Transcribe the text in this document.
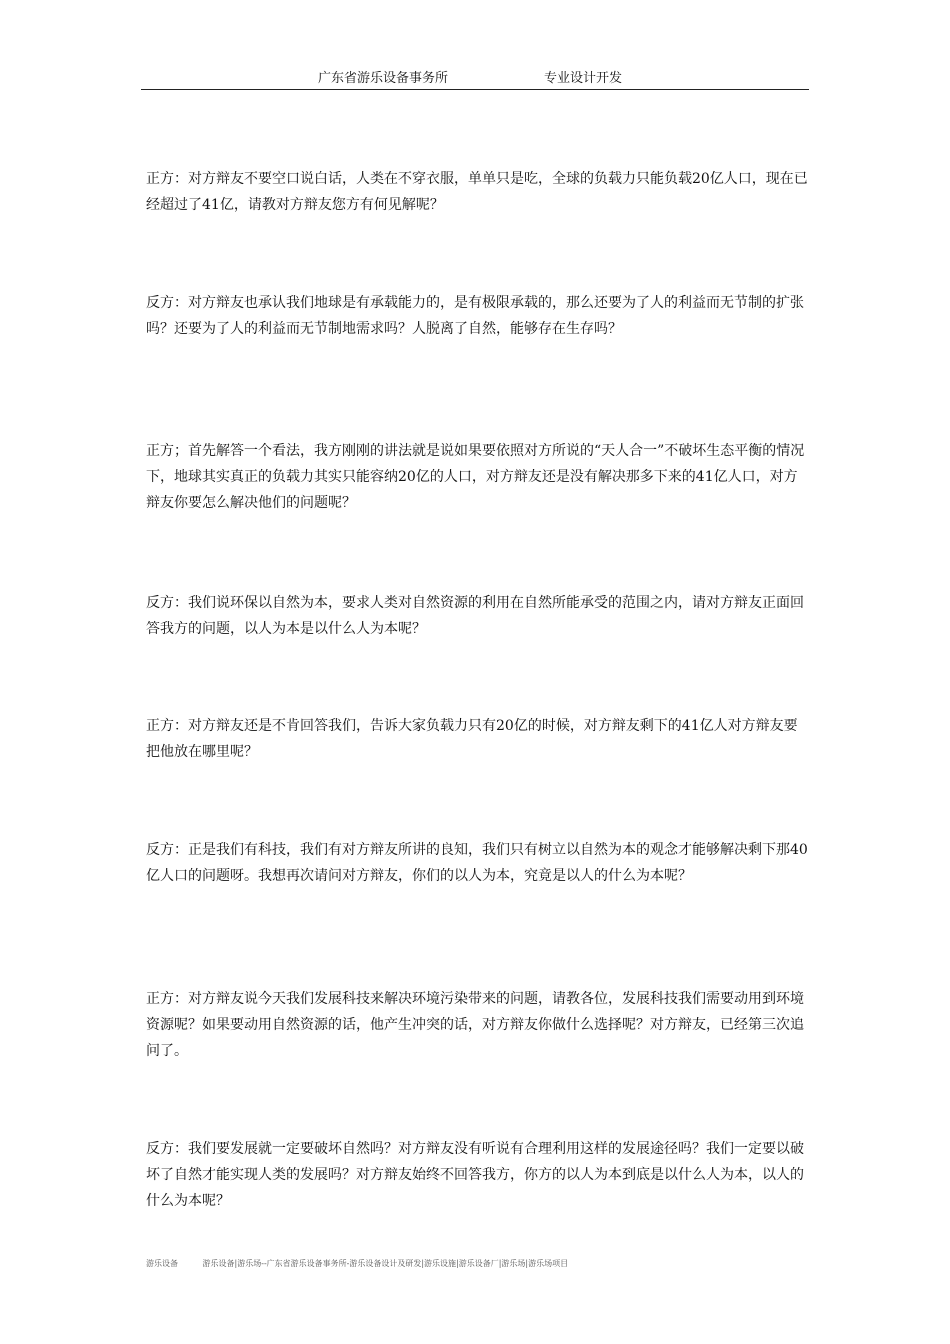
广东省游乐设备事务所	专业设计开发

正方：对方辩友不要空口说白话，人类在不穿衣服，单单只是吃，全球的负载力只能负载20亿人口，现在已经超过了41亿，请教对方辩友您方有何见解呢？

反方：对方辩友也承认我们地球是有承载能力的，是有极限承载的，那么还要为了人的利益而无节制的扩张吗？还要为了人的利益而无节制地需求吗？人脱离了自然，能够存在生存吗？

正方；首先解答一个看法，我方刚刚的讲法就是说如果要依照对方所说的“天人合一”不破坏生态平衡的情况下，地球其实真正的负载力其实只能容纳20亿的人口，对方辩友还是没有解决那多下来的41亿人口，对方辩友你要怎么解决他们的问题呢？

反方：我们说环保以自然为本，要求人类对自然资源的利用在自然所能承受的范围之内，请对方辩友正面回答我方的问题，以人为本是以什么人为本呢？

正方：对方辩友还是不肯回答我们，告诉大家负载力只有20亿的时候，对方辩友剩下的41亿人对方辩友要把他放在哪里呢？

反方：正是我们有科技，我们有对方辩友所讲的良知，我们只有树立以自然为本的观念才能够解决剩下那40亿人口的问题呀。我想再次请问对方辩友，你们的以人为本，究竟是以人的什么为本呢？

正方：对方辩友说今天我们发展科技来解决环境污染带来的问题，请教各位，发展科技我们需要动用到环境资源呢？如果要动用自然资源的话，他产生冲突的话，对方辩友你做什么选择呢？对方辩友，已经第三次追问了。

反方：我们要发展就一定要破坏自然吗？对方辩友没有听说有合理利用这样的发展途径吗？我们一定要以破坏了自然才能实现人类的发展吗？对方辩友始终不回答我方，你方的以人为本到底是以什么人为本，以人的什么为本呢？

游乐设备	游乐设备|游乐场--广东省游乐设备事务所-游乐设备设计及研发|游乐设施|游乐设备厂|游乐场|游乐场项目
